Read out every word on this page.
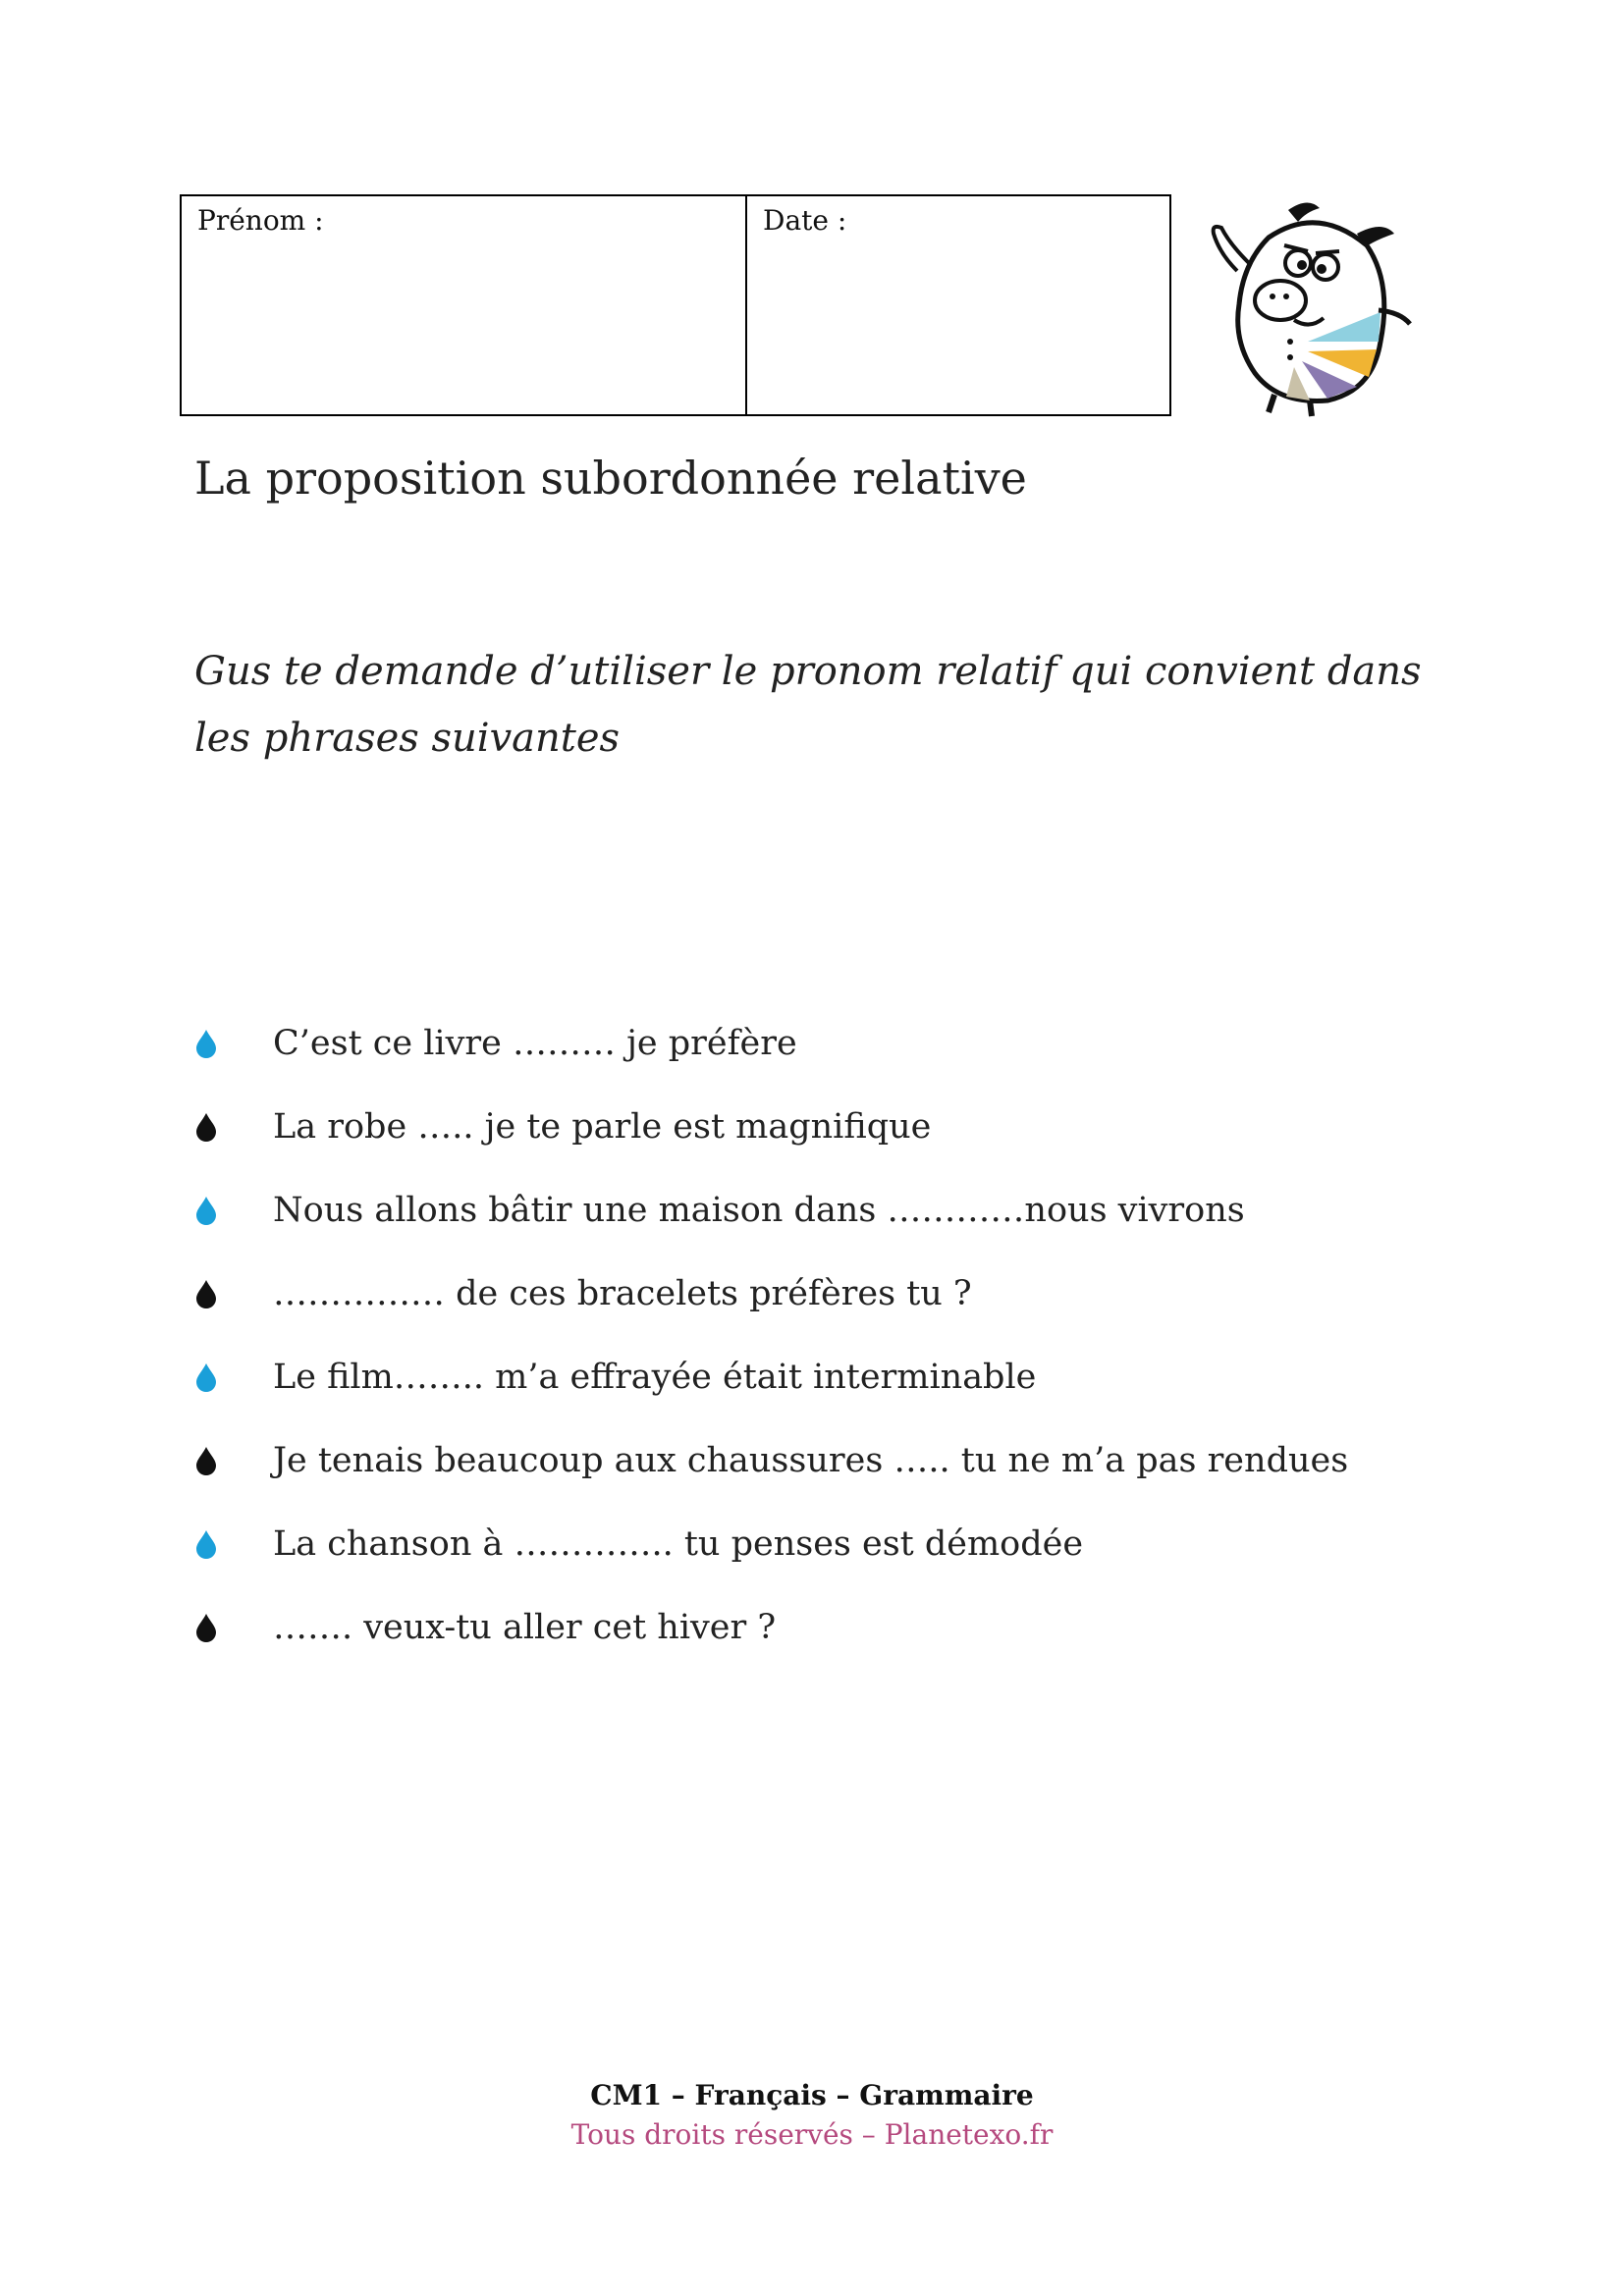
Prénom :	Date :
La proposition subordonnée relative
Gus te demande d’utiliser le pronom relatif qui convient dans les phrases suivantes
C’est ce livre ……… je préfère
La robe ….. je te parle est magnifique
Nous allons bâtir une maison dans …………nous vivrons
…………… de ces bracelets préfères tu ?
Le film…….. m’a effrayée était interminable
Je tenais beaucoup aux chaussures ….. tu ne m’a pas rendues
La chanson à ………….. tu penses est démodée
……. veux-tu aller cet hiver ?
CM1 – Français – Grammaire
Tous droits réservés – Planetexo.fr
